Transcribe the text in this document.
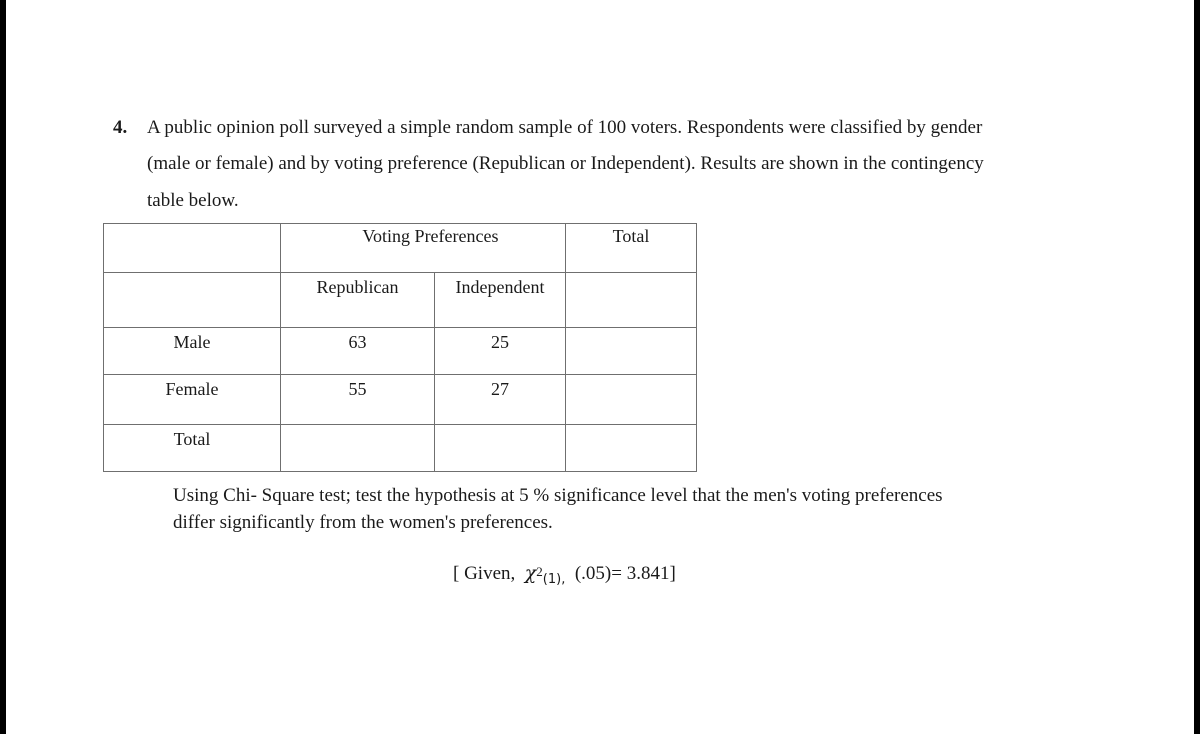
4. A public opinion poll surveyed a simple random sample of 100 voters. Respondents were classified by gender
(male or female) and by voting preference (Republican or Independent). Results are shown in the contingency
table below.
	Voting Preferences		Total
	Republican	Independent	
Male	63	25	
Female	55	27	
Total			
Using Chi- Square test; test the hypothesis at 5 % significance level that the men's voting preferences
differ significantly from the women's preferences.
[ Given, $\chi^2_{(1),}$ (.05)= 3.841]
